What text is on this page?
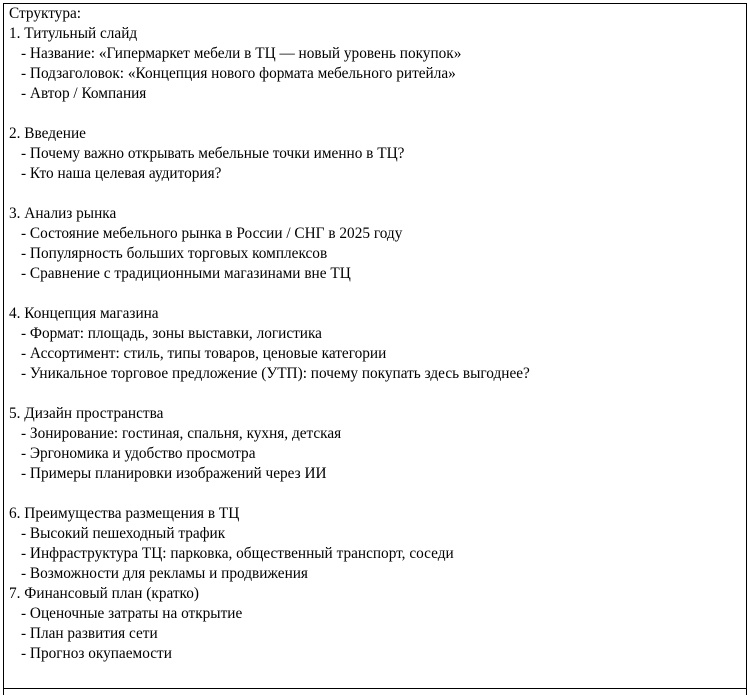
Структура:
1. Титульный слайд
- Название: «Гипермаркет мебели в ТЦ — новый уровень покупок»
- Подзаголовок: «Концепция нового формата мебельного ритейла»
- Автор / Компания
2. Введение
- Почему важно открывать мебельные точки именно в ТЦ?
- Кто наша целевая аудитория?
3. Анализ рынка
- Состояние мебельного рынка в России / СНГ в 2025 году
- Популярность больших торговых комплексов
- Сравнение с традиционными магазинами вне ТЦ
4. Концепция магазина
- Формат: площадь, зоны выставки, логистика
- Ассортимент: стиль, типы товаров, ценовые категории
- Уникальное торговое предложение (УТП): почему покупать здесь выгоднее?
5. Дизайн пространства
- Зонирование: гостиная, спальня, кухня, детская
- Эргономика и удобство просмотра
- Примеры планировки изображений через ИИ
6. Преимущества размещения в ТЦ
- Высокий пешеходный трафик
- Инфраструктура ТЦ: парковка, общественный транспорт, соседи
- Возможности для рекламы и продвижения
7. Финансовый план (кратко)
- Оценочные затраты на открытие
- План развития сети
- Прогноз окупаемости
